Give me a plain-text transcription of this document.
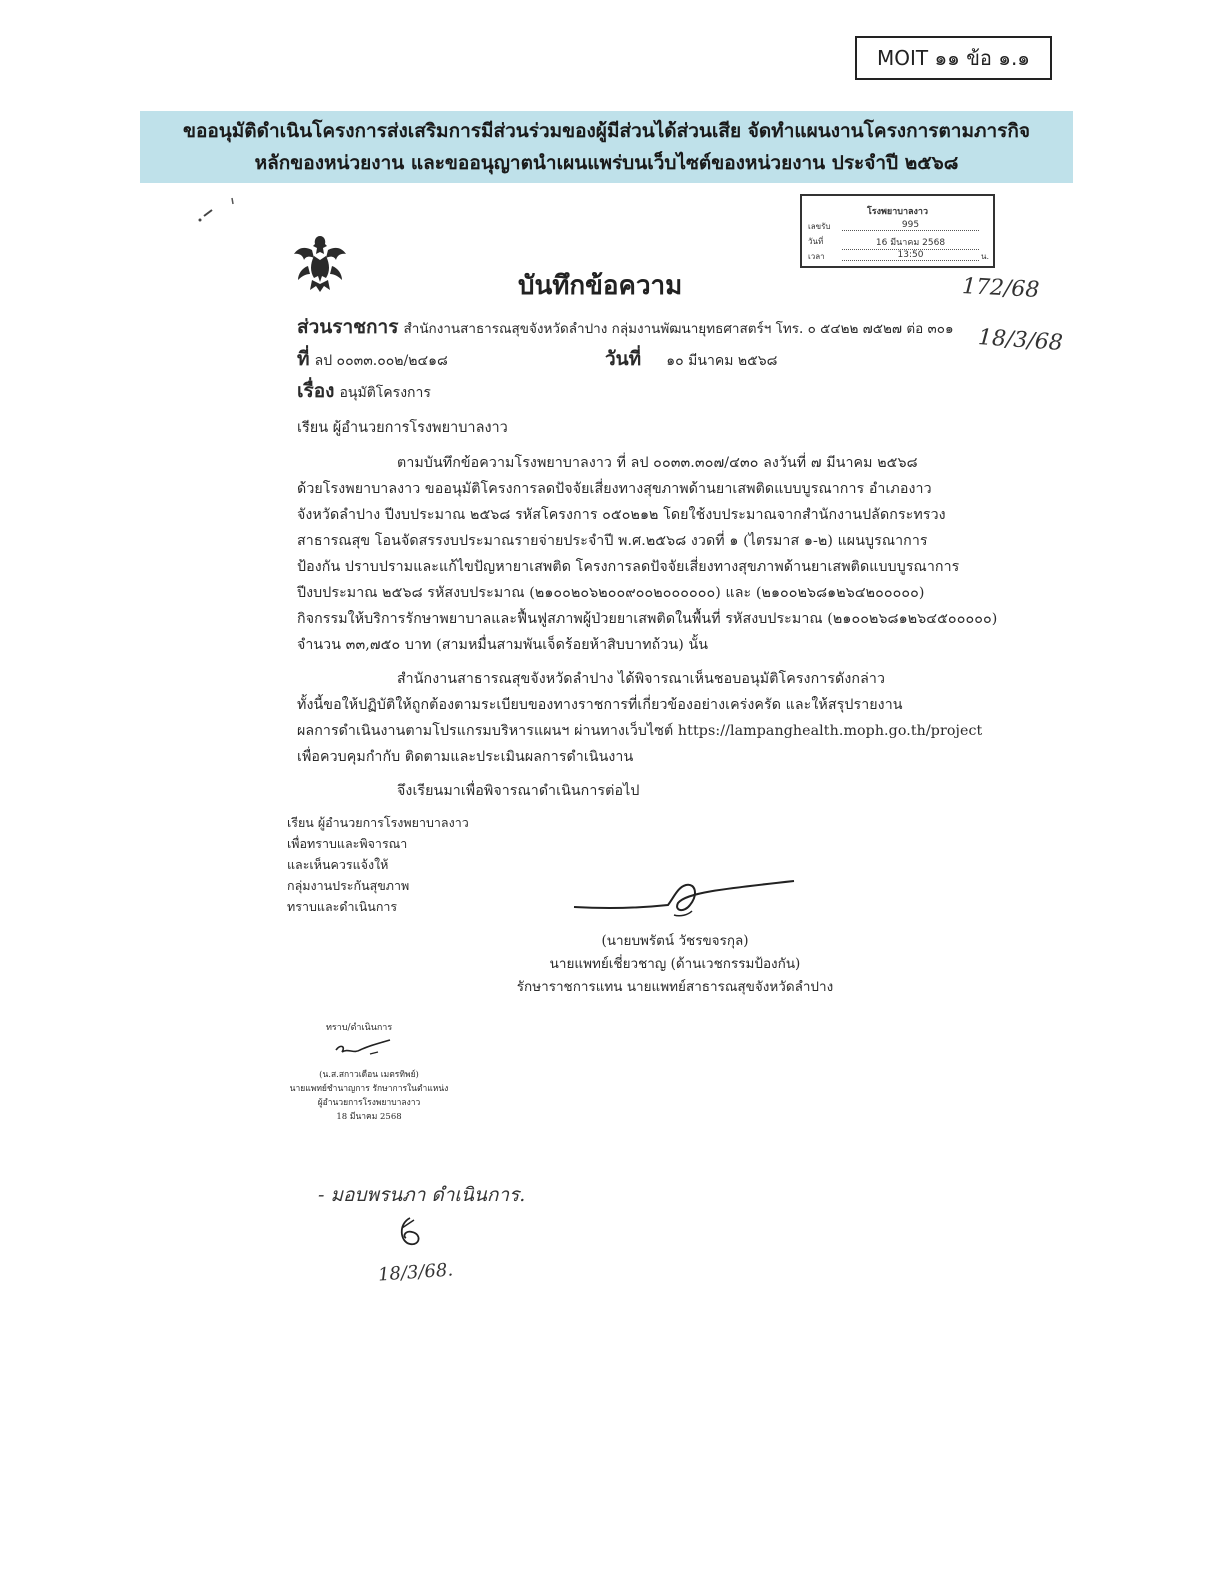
MOIT ๑๑ ข้อ ๑.๑
ขออนุมัติดำเนินโครงการส่งเสริมการมีส่วนร่วมของผู้มีส่วนได้ส่วนเสีย จัดทำแผนงานโครงการตามภารกิจ
หลักของหน่วยงาน และขออนุญาตนำเผนแพร่บนเว็บไซต์ของหน่วยงาน ประจำปี ๒๕๖๘
โรงพยาบาลงาว
เลขรับ	995
วันที่	16 มีนาคม 2568
เวลา	13:50	น.
บันทึกข้อความ	172/68
18/3/68
ส่วนราชการ สำนักงานสาธารณสุขจังหวัดลำปาง กลุ่มงานพัฒนายุทธศาสตร์ฯ โทร. ๐ ๕๔๒๒ ๗๕๒๗ ต่อ ๓๐๑
ที่ ลป ๐๐๓๓.๐๐๒/๒๔๑๘	วันที่ ๑๐ มีนาคม ๒๕๖๘
เรื่อง อนุมัติโครงการ
เรียน ผู้อำนวยการโรงพยาบาลงาว
ตามบันทึกข้อความโรงพยาบาลงาว ที่ ลป ๐๐๓๓.๓๐๗/๔๓๐ ลงวันที่ ๗ มีนาคม ๒๕๖๘
ด้วยโรงพยาบาลงาว ขออนุมัติโครงการลดปัจจัยเสี่ยงทางสุขภาพด้านยาเสพติดแบบบูรณาการ อำเภองาว
จังหวัดลำปาง ปีงบประมาณ ๒๕๖๘ รหัสโครงการ ๐๕๐๒๑๒ โดยใช้งบประมาณจากสำนักงานปลัดกระทรวง
สาธารณสุข โอนจัดสรรงบประมาณรายจ่ายประจำปี พ.ศ.๒๕๖๘ งวดที่ ๑ (ไตรมาส ๑-๒) แผนบูรณาการ
ป้องกัน ปราบปรามและแก้ไขปัญหายาเสพติด โครงการลดปัจจัยเสี่ยงทางสุขภาพด้านยาเสพติดแบบบูรณาการ
ปีงบประมาณ ๒๕๖๘ รหัสงบประมาณ (๒๑๐๐๒๐๖๒๐๐๙๐๐๒๐๐๐๐๐๐) และ (๒๑๐๐๒๖๘๑๒๖๔๒๐๐๐๐๐)
กิจกรรมให้บริการรักษาพยาบาลและฟื้นฟูสภาพผู้ป่วยยาเสพติดในพื้นที่ รหัสงบประมาณ (๒๑๐๐๒๖๘๑๒๖๔๕๐๐๐๐๐)
จำนวน ๓๓,๗๕๐ บาท (สามหมื่นสามพันเจ็ดร้อยห้าสิบบาทถ้วน) นั้น
สำนักงานสาธารณสุขจังหวัดลำปาง ได้พิจารณาเห็นชอบอนุมัติโครงการดังกล่าว
ทั้งนี้ขอให้ปฏิบัติให้ถูกต้องตามระเบียบของทางราชการที่เกี่ยวข้องอย่างเคร่งครัด และให้สรุปรายงาน
ผลการดำเนินงานตามโปรแกรมบริหารแผนฯ ผ่านทางเว็บไซต์ https://lampanghealth.moph.go.th/project
เพื่อควบคุมกำกับ ติดตามและประเมินผลการดำเนินงาน
จึงเรียนมาเพื่อพิจารณาดำเนินการต่อไป
เรียน ผู้อำนวยการโรงพยาบาลงาว
เพื่อทราบและพิจารณา
และเห็นควรแจ้งให้
กลุ่มงานประกันสุขภาพ
ทราบและดำเนินการ
(นายบพรัตน์ วัชรขจรกุล)
นายแพทย์เชี่ยวชาญ (ด้านเวชกรรมป้องกัน)
รักษาราชการแทน นายแพทย์สาธารณสุขจังหวัดลำปาง
ทราบ/ดำเนินการ
(น.ส.สกาวเดือน เมตรทิพย์)
นายแพทย์ชำนาญการ รักษาการในตำแหน่ง
ผู้อำนวยการโรงพยาบาลงาว
18 มีนาคม 2568
- มอบพรนภา ดำเนินการ.
18/3/68.
